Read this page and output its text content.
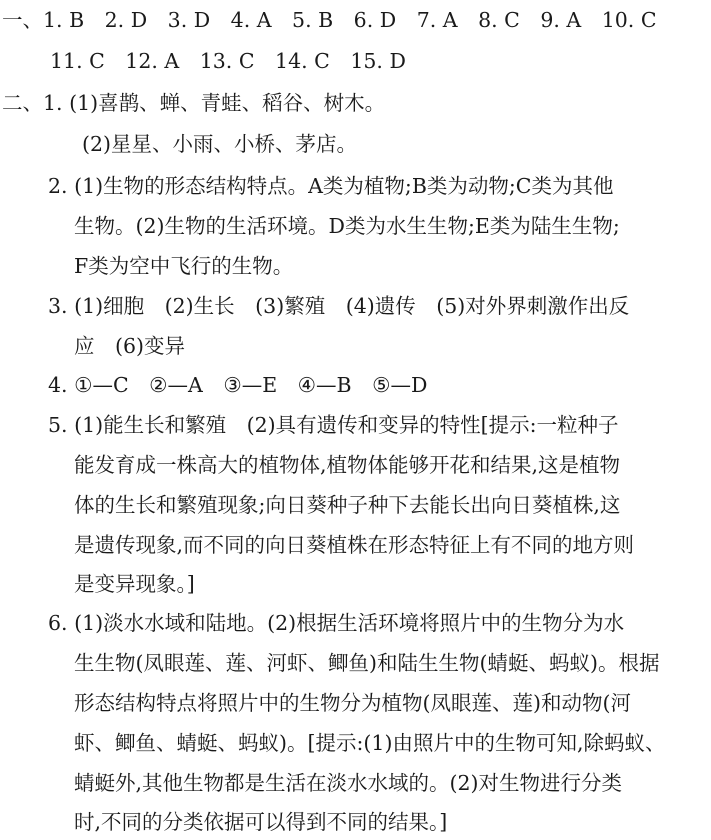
一、1. B　2. D　3. D　4. A　5. B　6. D　7. A　8. C　9. A　10. C
11. C　12. A　13. C　14. C　15. D
二、1. (1)喜鹊、蝉、青蛙、稻谷、树木。
(2)星星、小雨、小桥、茅店。
2. (1)生物的形态结构特点。A类为植物;B类为动物;C类为其他
生物。(2)生物的生活环境。D类为水生生物;E类为陆生生物;
F类为空中飞行的生物。
3. (1)细胞　(2)生长　(3)繁殖　(4)遗传　(5)对外界刺激作出反
应　(6)变异
4. ①—C　②—A　③—E　④—B　⑤—D
5. (1)能生长和繁殖　(2)具有遗传和变异的特性[提示:一粒种子
能发育成一株高大的植物体,植物体能够开花和结果,这是植物
体的生长和繁殖现象;向日葵种子种下去能长出向日葵植株,这
是遗传现象,而不同的向日葵植株在形态特征上有不同的地方则
是变异现象。]
6. (1)淡水水域和陆地。(2)根据生活环境将照片中的生物分为水
生生物(凤眼莲、莲、河虾、鲫鱼)和陆生生物(蜻蜓、蚂蚁)。根据
形态结构特点将照片中的生物分为植物(凤眼莲、莲)和动物(河
虾、鲫鱼、蜻蜓、蚂蚁)。[提示:(1)由照片中的生物可知,除蚂蚁、
蜻蜓外,其他生物都是生活在淡水水域的。(2)对生物进行分类
时,不同的分类依据可以得到不同的结果。]
